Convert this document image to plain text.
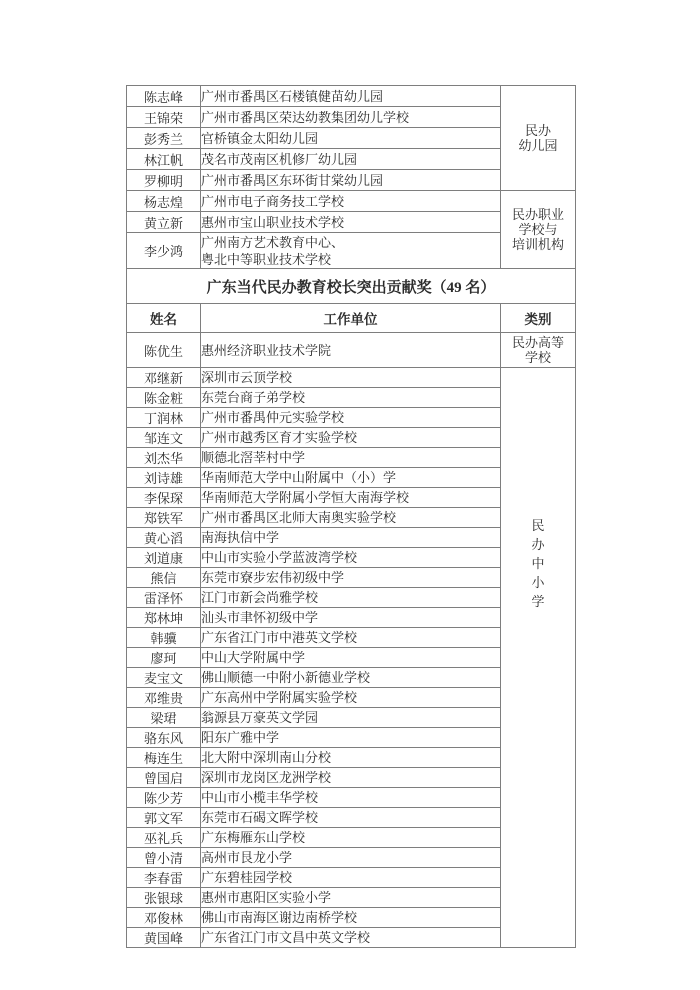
陈志峰	广州市番禺区石楼镇健苗幼儿园	民办
幼儿园

王锦荣	广州市番禺区荣达幼教集团幼儿学校	

彭秀兰	官桥镇金太阳幼儿园	

林江帆	茂名市茂南区机修厂幼儿园	

罗柳明	广州市番禺区东环街甘棠幼儿园	

杨志煌	广州市电子商务技工学校	民办职业
学校与
培训机构

黄立新	惠州市宝山职业技术学校	

李少鸿	广州南方艺术教育中心、
粤北中等职业技术学校	

广东当代民办教育校长突出贡献奖（49 名）		
姓名	工作单位	类别
陈优生	惠州经济职业技术学院	民办高等
学校

邓继新	深圳市云顶学校	民
办
中
小
学

陈金粧	东莞台商子弟学校	

丁润林	广州市番禺仲元实验学校	

邹连文	广州市越秀区育才实验学校	

刘杰华	顺德北滘莘村中学	

刘诗雄	华南师范大学中山附属中（小）学	

李保琛	华南师范大学附属小学恒大南海学校	

郑铁军	广州市番禺区北师大南奥实验学校	

黄心滔	南海执信中学	

刘道康	中山市实验小学蓝波湾学校	

熊信	东莞市寮步宏伟初级中学	

雷泽怀	江门市新会尚雅学校	

郑林坤	汕头市聿怀初级中学	

韩骥	广东省江门市中港英文学校	

廖珂	中山大学附属中学	

麦宝文	佛山顺德一中附小新德业学校	

邓维贵	广东高州中学附属实验学校	

梁珺	翁源县万豪英文学园	

骆东风	阳东广雅中学	

梅连生	北大附中深圳南山分校	

曾国启	深圳市龙岗区龙洲学校	

陈少芳	中山市小榄丰华学校	

郭文军	东莞市石碣文晖学校	

巫礼兵	广东梅雁东山学校	

曾小清	高州市艮龙小学	

李春雷	广东碧桂园学校	

张银球	惠州市惠阳区实验小学	

邓俊林	佛山市南海区谢边南桥学校	

黄国峰	广东省江门市文昌中英文学校	
